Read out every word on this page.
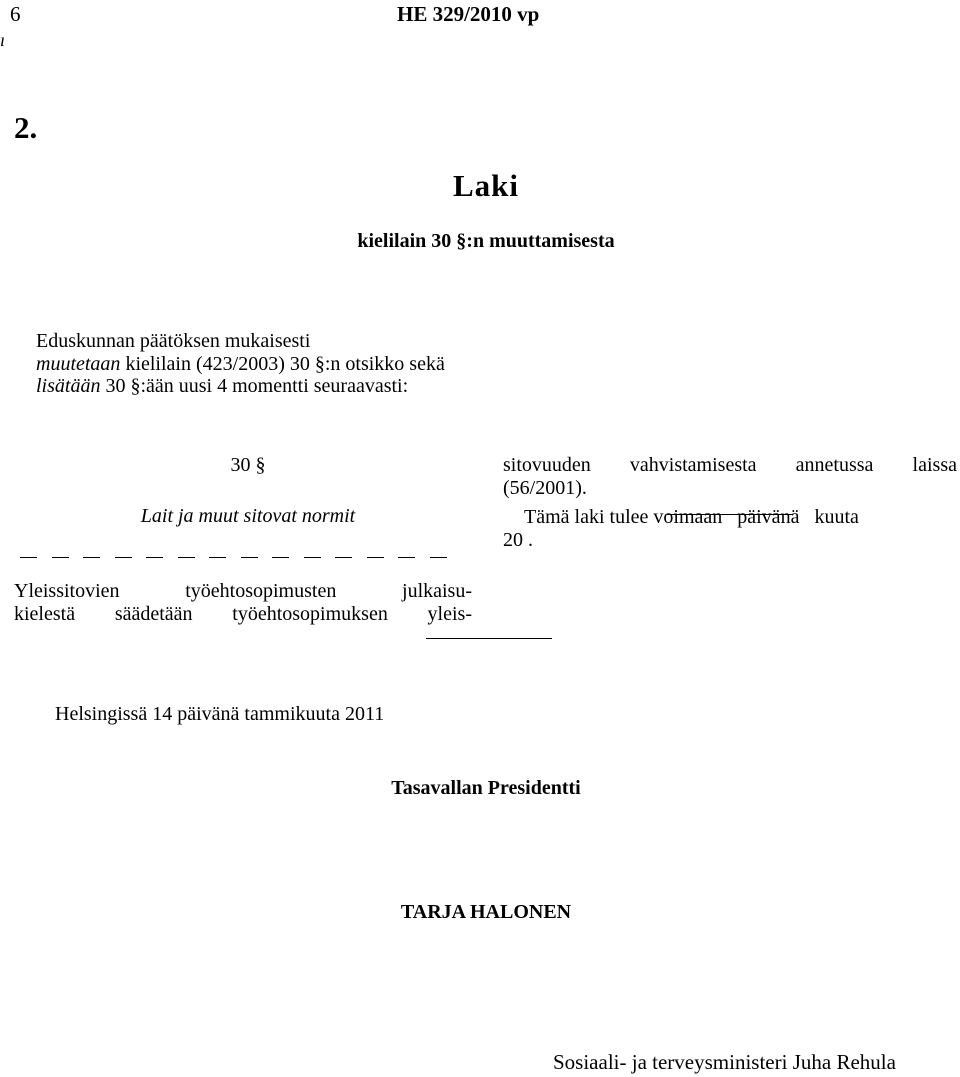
6
ı
HE 329/2010 vp
2.
Laki
kielilain 30 §:n muuttamisesta
Eduskunnan päätöksen mukaisesti
muutetaan kielilain (423/2003) 30 §:n otsikko sekä
lisätään 30 §:ään uusi 4 momentti seuraavasti:
30 §
Lait ja muut sitovat normit
Yleissitovien työehtosopimusten julkaisu-
kielestä säädetään työehtosopimuksen yleis-
sitovuuden vahvistamisesta annetussa laissa
(56/2001).
Tämä laki tulee voimaan   päivänä   kuuta
20 .
Helsingissä 14 päivänä tammikuuta 2011
Tasavallan Presidentti
TARJA HALONEN
Sosiaali- ja terveysministeri Juha Rehula
